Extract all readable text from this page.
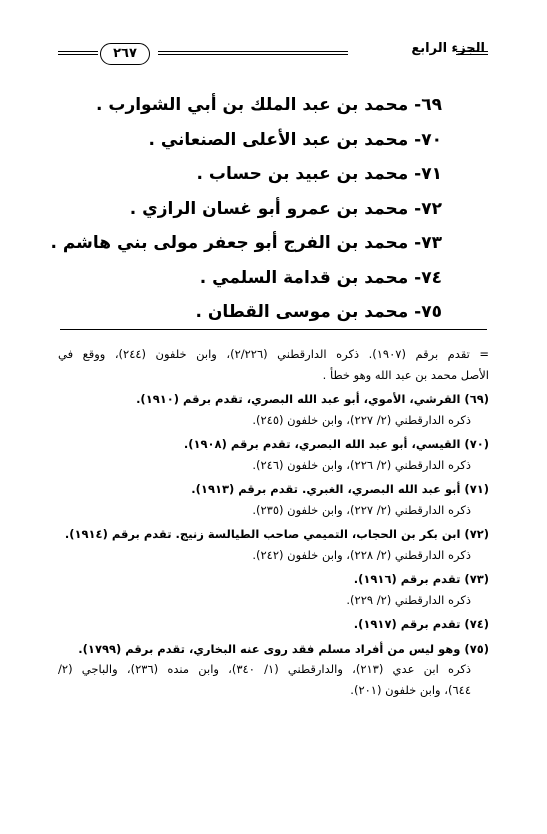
الجزء الرابع
٢٦٧
٦٩- محمد بن عبد الملك بن أبي الشوارب .
٧٠- محمد بن عبد الأعلى الصنعاني .
٧١- محمد بن عبيد بن حساب .
٧٢- محمد بن عمرو أبو غسان الرازي .
٧٣- محمد بن الفرج أبو جعفر مولى بني هاشم .
٧٤- محمد بن قدامة السلمي .
٧٥- محمد بن موسى القطان .
= تقدم برقم (١٩٠٧). ذكره الدارقطني (٢/٢٢٦)، وابن خلفون (٢٤٤)، ووقع في
الأصل محمد بن عبد الله وهو خطأ .
(٦٩) القرشي، الأموي، أبو عبد الله البصري، تقدم برقم (١٩١٠).
ذكره الدارقطني (٢/ ٢٢٧)، وابن خلفون (٢٤٥).
(٧٠) القيسي، أبو عبد الله البصري، تقدم برقم (١٩٠٨).
ذكره الدارقطني (٢/ ٢٢٦)، وابن خلفون (٢٤٦).
(٧١) أبو عبد الله البصري، الغبري. تقدم برقم (١٩١٣).
ذكره الدارقطني (٢/ ٢٢٧)، وابن خلفون (٢٣٥).
(٧٢) ابن بكر بن الحجاب، التميمي صاحب الطيالسة زنيج. تقدم برقم (١٩١٤).
ذكره الدارقطني (٢/ ٢٢٨)، وابن خلفون (٢٤٢).
(٧٣) تقدم برقم (١٩١٦).
ذكره الدارقطني (٢/ ٢٢٩).
(٧٤) تقدم برقم (١٩١٧).
(٧٥) وهو ليس من أفراد مسلم فقد روى عنه البخاري، تقدم برقم (١٧٩٩).
ذكره ابن عدي (٢١٣)، والدارقطني (١/ ٣٤٠)، وابن منده (٢٣٦)، والباجي (٢/
٦٤٤)، وابن خلفون (٢٠١).
